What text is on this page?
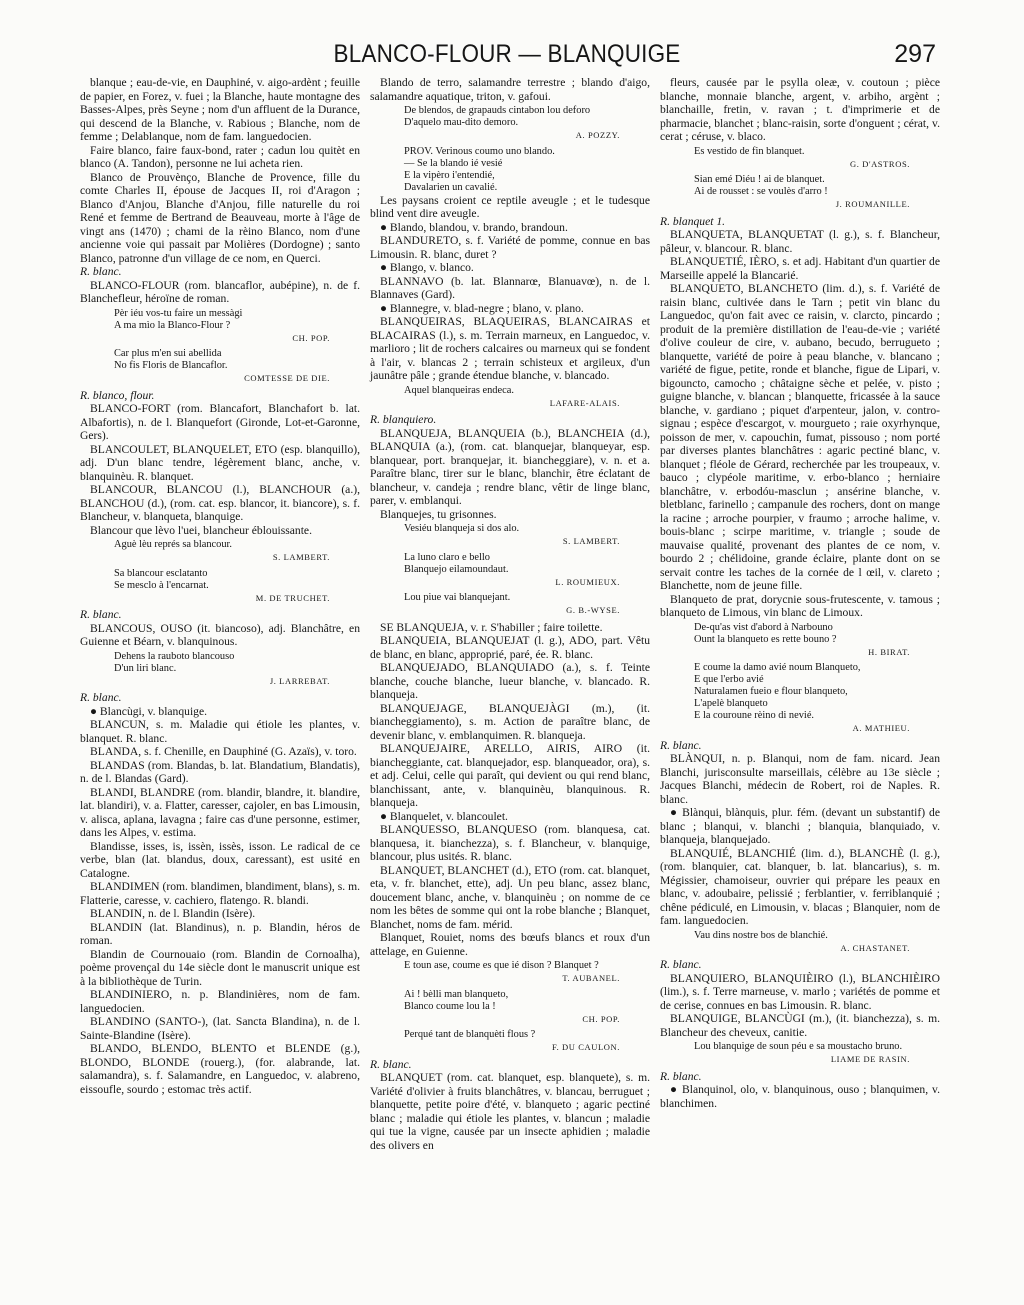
BLANCO-FLOUR — BLANQUIGE	297

blanque ; eau-de-vie, en Dauphiné, v. aigo-ardènt ; feuille de papier, en Forez, v. fuei ; la Blanche, haute montagne des Basses-Alpes, près Seyne ; nom d'un affluent de la Durance, qui descend de la Blanche, v. Rabious ; Blanche, nom de femme ; Delablanque, nom de fam. languedocien.

Faire blanco, faire faux-bond, rater ; cadun lou quitèt en blanco (A. Tandon), personne ne lui acheta rien.

Blanco de Prouvènço, Blanche de Provence, fille du comte Charles II, épouse de Jacques II, roi d'Aragon ; Blanco d'Anjou, Blanche d'Anjou, fille naturelle du roi René et femme de Bertrand de Beauveau, morte à l'âge de vingt ans (1470) ; chami de la rèino Blanco, nom d'une ancienne voie qui passait par Molières (Dordogne) ; santo Blanco, patronne d'un village de ce nom, en Querci.

R. blanc.

BLANCO-FLOUR (rom. blancaflor, aubépine), n. de f. Blanchefleur, héroïne de roman.

Pèr iéu vos-tu faire un messàgi
A ma mìo la Blanco-Flour ?

CH. POP.

Car plus m'en sui abellida
No fis Floris de Blancaflor.

COMTESSE DE DIE.

R. blanco, flour.

BLANCO-FORT (rom. Blancafort, Blanchafort b. lat. Albafortis), n. de l. Blanquefort (Gironde, Lot-et-Garonne, Gers).

BLANCOULET, BLANQUELET, ETO (esp. blanquillo), adj. D'un blanc tendre, légèrement blanc, anche, v. blanquinèu. R. blanquet.

BLANCOUR, BLANCOU (l.), BLANCHOUR (a.), BLANCHOU (d.), (rom. cat. esp. blancor, it. biancore), s. f. Blancheur, v. blanqueta, blanquige.

Blancour que lèvo l'uei, blancheur éblouissante.

Aguè lèu représ sa blancour.

S. LAMBERT.

Sa blancour esclatanto
Se mesclo à l'encarnat.

M. DE TRUCHET.

R. blanc.

BLANCOUS, OUSO (it. biancoso), adj. Blanchâtre, en Guienne et Béarn, v. blanquinous.

Dehens la rauboto blancouso
D'un liri blanc.

J. LARREBAT.

R. blanc.

● Blancùgi, v. blanquige.

BLANCUN, s. m. Maladie qui étiole les plantes, v. blanquet. R. blanc.

BLANDA, s. f. Chenille, en Dauphiné (G. Azaïs), v. toro.

BLANDAS (rom. Blandas, b. lat. Blandatium, Blandatis), n. de l. Blandas (Gard).

BLANDI, BLANDRE (rom. blandir, blandre, it. blandire, lat. blandiri), v. a. Flatter, caresser, cajoler, en bas Limousin, v. alisca, aplana, lavagna ; faire cas d'une personne, estimer, dans les Alpes, v. estima.

Blandisse, isses, is, issèn, issès, isson. Le radical de ce verbe, blan (lat. blandus, doux, caressant), est usité en Catalogne.

BLANDIMEN (rom. blandimen, blandiment, blans), s. m. Flatterie, caresse, v. cachiero, flatengo. R. blandi.

BLANDIN, n. de l. Blandin (Isère).

BLANDIN (lat. Blandinus), n. p. Blandin, héros de roman.

Blandin de Cournouaio (rom. Blandin de Cornoalha), poème provençal du 14e siècle dont le manuscrit unique est à la bibliothèque de Turin.

BLANDINIERO, n. p. Blandinières, nom de fam. languedocien.

BLANDINO (SANTO-), (lat. Sancta Blandina), n. de l. Sainte-Blandine (Isère).

BLANDO, BLENDO, BLENTO et BLENDE (g.), BLONDO, BLONDE (rouerg.), (for. alabrande, lat. salamandra), s. f. Salamandre, en Languedoc, v. alabreno, eissoufle, sourdo ; estomac très actif.

Blando de terro, salamandre terrestre ; blando d'aigo, salamandre aquatique, triton, v. gafoui.

De blendos, de grapauds cintabon lou deforo
D'aquelo mau-dito demoro.

A. POZZY.

PROV. Verinous coumo uno blando.
— Se la blando ié vesié
E la vipèro i'entendié,
Davalarien un cavalié.

Les paysans croient ce reptile aveugle ; et le tudesque blind vent dire aveugle.

● Blando, blandou, v. brando, brandoun.

BLANDURETO, s. f. Variété de pomme, connue en bas Limousin. R. blanc, duret ?

● Blango, v. blanco.

BLANNAVO (b. lat. Blannarœ, Blanuavœ), n. de l. Blannaves (Gard).

● Blannegre, v. blad-negre ; blano, v. plano.

BLANQUEIRAS, BLAQUEIRAS, BLANCAIRAS et BLACAIRAS (l.), s. m. Terrain marneux, en Languedoc, v. marlioro ; lit de rochers calcaires ou marneux qui se fondent à l'air, v. blancas 2 ; terrain schisteux et argileux, d'un jaunâtre pâle ; grande étendue blanche, v. blancado.

Aquel blanqueiras endeca.

LAFARE-ALAIS.

R. blanquiero.

BLANQUEJA, BLANQUEIA (b.), BLANCHEIA (d.), BLANQUIA (a.), (rom. cat. blanquejar, blanqueyar, esp. blanquear, port. branquejar, it. biancheggiare), v. n. et a. Paraître blanc, tirer sur le blanc, blanchir, être éclatant de blancheur, v. candeja ; rendre blanc, vêtir de linge blanc, parer, v. emblanqui.

Blanquejes, tu grisonnes.

Vesiéu blanqueja si dos alo.

S. LAMBERT.

La luno claro e bello
Blanquejo eilamoundaut.

L. ROUMIEUX.

Lou piue vai blanquejant.

G. B.-WYSE.

SE BLANQUEJA, v. r. S'habiller ; faire toilette.

BLANQUEIA, BLANQUEJAT (l. g.), ADO, part. Vêtu de blanc, en blanc, approprié, paré, ée. R. blanc.

BLANQUEJADO, BLANQUIADO (a.), s. f. Teinte blanche, couche blanche, lueur blanche, v. blancado. R. blanqueja.

BLANQUEJAGE, BLANQUEJÀGI (m.), (it. biancheggiamento), s. m. Action de paraître blanc, de devenir blanc, v. emblanquimen. R. blanqueja.

BLANQUEJAIRE, ARELLO, AIRIS, AIRO (it. biancheggiante, cat. blanquejador, esp. blanqueador, ora), s. et adj. Celui, celle qui paraît, qui devient ou qui rend blanc, blanchissant, ante, v. blanquinèu, blanquinous. R. blanqueja.

● Blanquelet, v. blancoulet.

BLANQUESSO, BLANQUESO (rom. blanquesa, cat. blanquesa, it. bianchezza), s. f. Blancheur, v. blanquige, blancour, plus usités. R. blanc.

BLANQUET, BLANCHET (d.), ETO (rom. cat. blanquet, eta, v. fr. blanchet, ette), adj. Un peu blanc, assez blanc, doucement blanc, anche, v. blanquinèu ; on nomme de ce nom les bêtes de somme qui ont la robe blanche ; Blanquet, Blanchet, noms de fam. mérid.

Blanquet, Rouiet, noms des bœufs blancs et roux d'un attelage, en Guienne.

E toun ase, coume es que ié dison ? Blanquet ?

T. AUBANEL.

Ai ! bèlli man blanqueto,
Blanco coume lou la !

CH. POP.

Perqué tant de blanquèti flous ?

F. DU CAULON.

R. blanc.

BLANQUET (rom. cat. blanquet, esp. blanquete), s. m. Variété d'olivier à fruits blanchâtres, v. blancau, berruguet ; blanquette, petite poire d'été, v. blanqueto ; agaric pectiné blanc ; maladie qui étiole les plantes, v. blancun ; maladie qui tue la vigne, causée par un insecte aphidien ; maladie des olivers en

fleurs, causée par le psylla oleæ, v. coutoun ; pièce blanche, monnaie blanche, argent, v. arbiho, argènt ; blanchaille, fretin, v. ravan ; t. d'imprimerie et de pharmacie, blanchet ; blanc-raisin, sorte d'onguent ; cérat, v. cerat ; céruse, v. blaco.

Es vestido de fin blanquet.

G. D'ASTROS.

Sian emé Diéu ! ai de blanquet.
Ai de rousset : se voulès d'arro !

J. ROUMANILLE.

R. blanquet 1.

BLANQUETA, BLANQUETAT (l. g.), s. f. Blancheur, pâleur, v. blancour. R. blanc.

BLANQUETIÉ, IÈRO, s. et adj. Habitant d'un quartier de Marseille appelé la Blancarié.

BLANQUETO, BLANCHETO (lim. d.), s. f. Variété de raisin blanc, cultivée dans le Tarn ; petit vin blanc du Languedoc, qu'on fait avec ce raisin, v. clarcto, pincardo ; produit de la première distillation de l'eau-de-vie ; variété d'olive couleur de cire, v. aubano, becudo, berrugueto ; blanquette, variété de poire à peau blanche, v. blancano ; variété de figue, petite, ronde et blanche, figue de Lipari, v. bigouncto, camocho ; châtaigne sèche et pelée, v. pisto ; guigne blanche, v. blancan ; blanquette, fricassée à la sauce blanche, v. gardiano ; piquet d'arpenteur, jalon, v. contro-signau ; espèce d'escargot, v. mourgueto ; raie oxyrhynque, poisson de mer, v. capouchin, fumat, pissouso ; nom porté par diverses plantes blanchâtres : agaric pectiné blanc, v. blanquet ; fléole de Gérard, recherchée par les troupeaux, v. bauco ; clypéole maritime, v. erbo-blanco ; herniaire blanchâtre, v. erbodóu-masclun ; ansérine blanche, v. bletblanc, farinello ; campanule des rochers, dont on mange la racine ; arroche pourpier, v fraumo ; arroche halime, v. bouis-blanc ; scirpe maritime, v. triangle ; soude de mauvaise qualité, provenant des plantes de ce nom, v. bourdo 2 ; chélidoine, grande éclaire, plante dont on se servait contre les taches de la cornée de l œil, v. clareto ; Blanchette, nom de jeune fille.

Blanqueto de prat, dorycnie sous-frutescente, v. tamous ; blanqueto de Limous, vin blanc de Limoux.

De-qu'as vist d'abord à Narbouno
Ount la blanqueto es rette bouno ?

H. BIRAT.

E coume la damo avié noum Blanqueto,
E que l'erbo avié
Naturalamen fueio e flour blanqueto,
L'apelè blanqueto
E la couroune rèino di nevié.

A. MATHIEU.

R. blanc.

BLÀNQUI, n. p. Blanqui, nom de fam. nicard. Jean Blanchi, jurisconsulte marseillais, célèbre au 13e siècle ; Jacques Blanchi, médecin de Robert, roi de Naples. R. blanc.

● Blànqui, blànquis, plur. fém. (devant un substantif) de blanc ; blanqui, v. blanchi ; blanquia, blanquiado, v. blanqueja, blanquejado.

BLANQUIÉ, BLANCHIÉ (lim. d.), BLANCHÈ (l. g.), (rom. blanquier, cat. blanquer, b. lat. blancarius), s. m. Mégissier, chamoiseur, ouvrier qui prépare les peaux en blanc, v. adoubaire, pelissié ; ferblantier, v. ferriblanquié ; chêne pédiculé, en Limousin, v. blacas ; Blanquier, nom de fam. languedocien.

Vau dins nostre bos de blanchié.

A. CHASTANET.

R. blanc.

BLANQUIERO, BLANQUIÈIRO (l.), BLANCHIÈIRO (lim.), s. f. Terre marneuse, v. marlo ; variétés de pomme et de cerise, connues en bas Limousin. R. blanc.

BLANQUIGE, BLANCÙGI (m.), (it. bianchezza), s. m. Blancheur des cheveux, canitie.

Lou blanquige de soun péu e sa moustacho bruno.

LIAME DE RASIN.

R. blanc.

● Blanquinol, olo, v. blanquinous, ouso ; blanquimen, v. blanchimen.
